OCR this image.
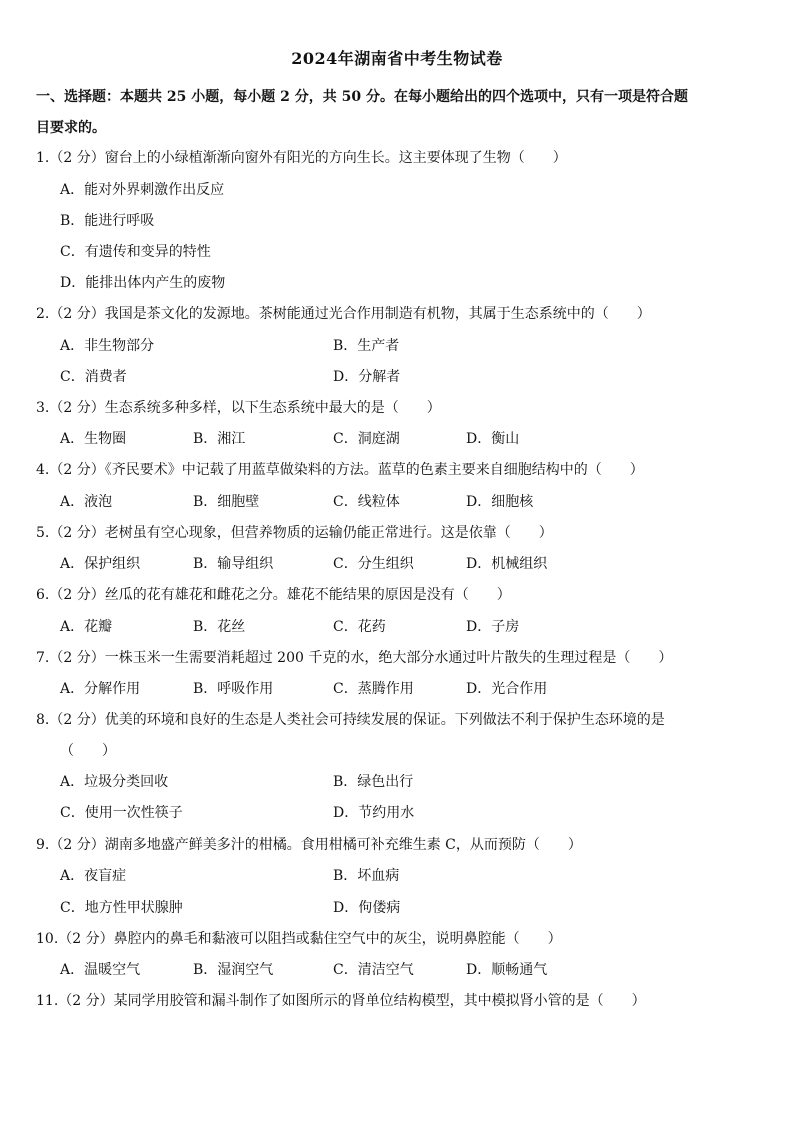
2024年湖南省中考生物试卷
一、选择题：本题共 25 小题，每小题 2 分，共 50 分。在每小题给出的四个选项中，只有一项是符合题
目要求的。
1.（2 分）窗台上的小绿植渐渐向窗外有阳光的方向生长。这主要体现了生物（　　）
A．能对外界刺激作出反应
B．能进行呼吸
C．有遗传和变异的特性
D．能排出体内产生的废物
2.（2 分）我国是茶文化的发源地。茶树能通过光合作用制造有机物，其属于生态系统中的（　　）
A．非生物部分	B．生产者
C．消费者	D．分解者
3.（2 分）生态系统多种多样，以下生态系统中最大的是（　　）
A．生物圈	B．湘江	C．洞庭湖	D．衡山
4.（2 分）《齐民要术》中记载了用蓝草做染料的方法。蓝草的色素主要来自细胞结构中的（　　）
A．液泡	B．细胞壁	C．线粒体	D．细胞核
5.（2 分）老树虽有空心现象，但营养物质的运输仍能正常进行。这是依靠（　　）
A．保护组织	B．输导组织	C．分生组织	D．机械组织
6.（2 分）丝瓜的花有雄花和雌花之分。雄花不能结果的原因是没有（　　）
A．花瓣	B．花丝	C．花药	D．子房
7.（2 分）一株玉米一生需要消耗超过 200 千克的水，绝大部分水通过叶片散失的生理过程是（　　）
A．分解作用	B．呼吸作用	C．蒸腾作用	D．光合作用
8.（2 分）优美的环境和良好的生态是人类社会可持续发展的保证。下列做法不利于保护生态环境的是
（　　）
A．垃圾分类回收	B．绿色出行
C．使用一次性筷子	D．节约用水
9.（2 分）湖南多地盛产鲜美多汁的柑橘。食用柑橘可补充维生素 C，从而预防（　　）
A．夜盲症	B．坏血病
C．地方性甲状腺肿	D．佝偻病
10.（2 分）鼻腔内的鼻毛和黏液可以阻挡或黏住空气中的灰尘，说明鼻腔能（　　）
A．温暖空气	B．湿润空气	C．清洁空气	D．顺畅通气
11.（2 分）某同学用胶管和漏斗制作了如图所示的肾单位结构模型，其中模拟肾小管的是（　　）
